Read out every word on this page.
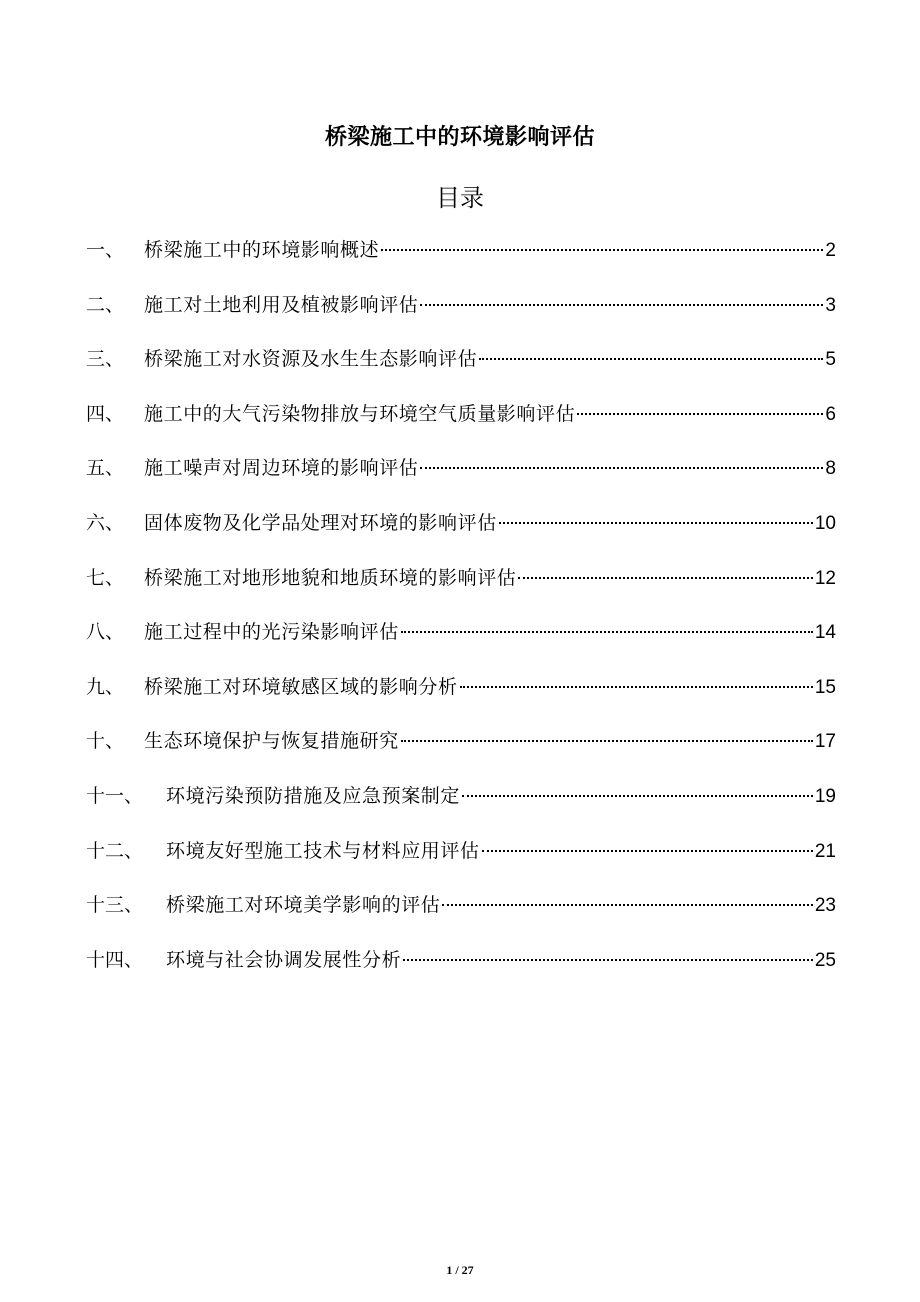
桥梁施工中的环境影响评估
目录
一、	桥梁施工中的环境影响概述	2
二、	施工对土地利用及植被影响评估	3
三、	桥梁施工对水资源及水生生态影响评估	5
四、	施工中的大气污染物排放与环境空气质量影响评估	6
五、	施工噪声对周边环境的影响评估	8
六、	固体废物及化学品处理对环境的影响评估	10
七、	桥梁施工对地形地貌和地质环境的影响评估	12
八、	施工过程中的光污染影响评估	14
九、	桥梁施工对环境敏感区域的影响分析	15
十、	生态环境保护与恢复措施研究	17
十一、	环境污染预防措施及应急预案制定	19
十二、	环境友好型施工技术与材料应用评估	21
十三、	桥梁施工对环境美学影响的评估	23
十四、	环境与社会协调发展性分析	25
1 / 27
